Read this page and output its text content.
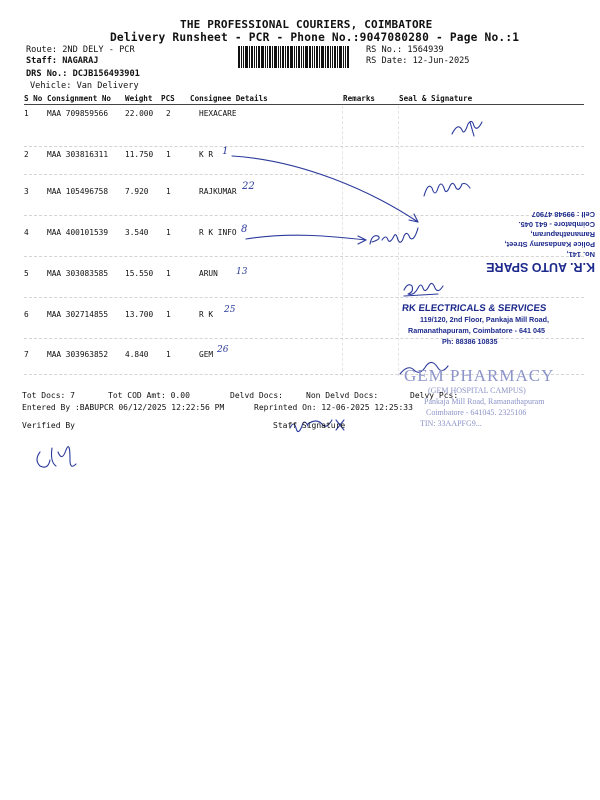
THE PROFESSIONAL COURIERS, COIMBATORE
Delivery Runsheet - PCR - Phone No.:9047080280 - Page No.:1
Route: 2ND DELY - PCR
Staff: NAGARAJ
DRS No.: DCJB156493901
Vehicle: Van Delivery
RS No.: 1564939
RS Date: 12-Jun-2025
S No Consignment No Weight PCS Consignee Details	Remarks	Seal & Signature
1 MAA 709859566 22.000 2	HEXACARE
2 MAA 303816311 11.750 1	K R
3 MAA 105496758 7.920 1	RAJKUMAR
4 MAA 400101539 3.540 1	R K INFO
5 MAA 303083585 15.550 1	ARUN
6 MAA 302714855 13.700 1	R K
7 MAA 303963852 4.840 1	GEM
1
22
8
13
25
26
K.R. AUTO SPARE
No. 141,
Police Kandasamy Street,
Ramanathapuram,
Coimbatore - 641 045.
Cell : 99948 47907
RK ELECTRICALS & SERVICES
119/120, 2nd Floor, Pankaja Mill Road,
Ramanathapuram, Coimbatore - 641 045
Ph: 88386 10835
GEM PHARMACY
(GEM HOSPITAL CAMPUS)
Pankaja Mill Road, Ramanathapuram
Coimbatore - 641045. 2325106
TIN: 33AAPFG9...
Tot Docs: 7	Tot COD Amt: 0.00	Delvd Docs:	Non Delvd Docs:	Delvy Pcs:
Entered By :BABUPCR 06/12/2025 12:22:56 PM	Reprinted On: 12-06-2025 12:25:33
Verified By	Staff Signature
